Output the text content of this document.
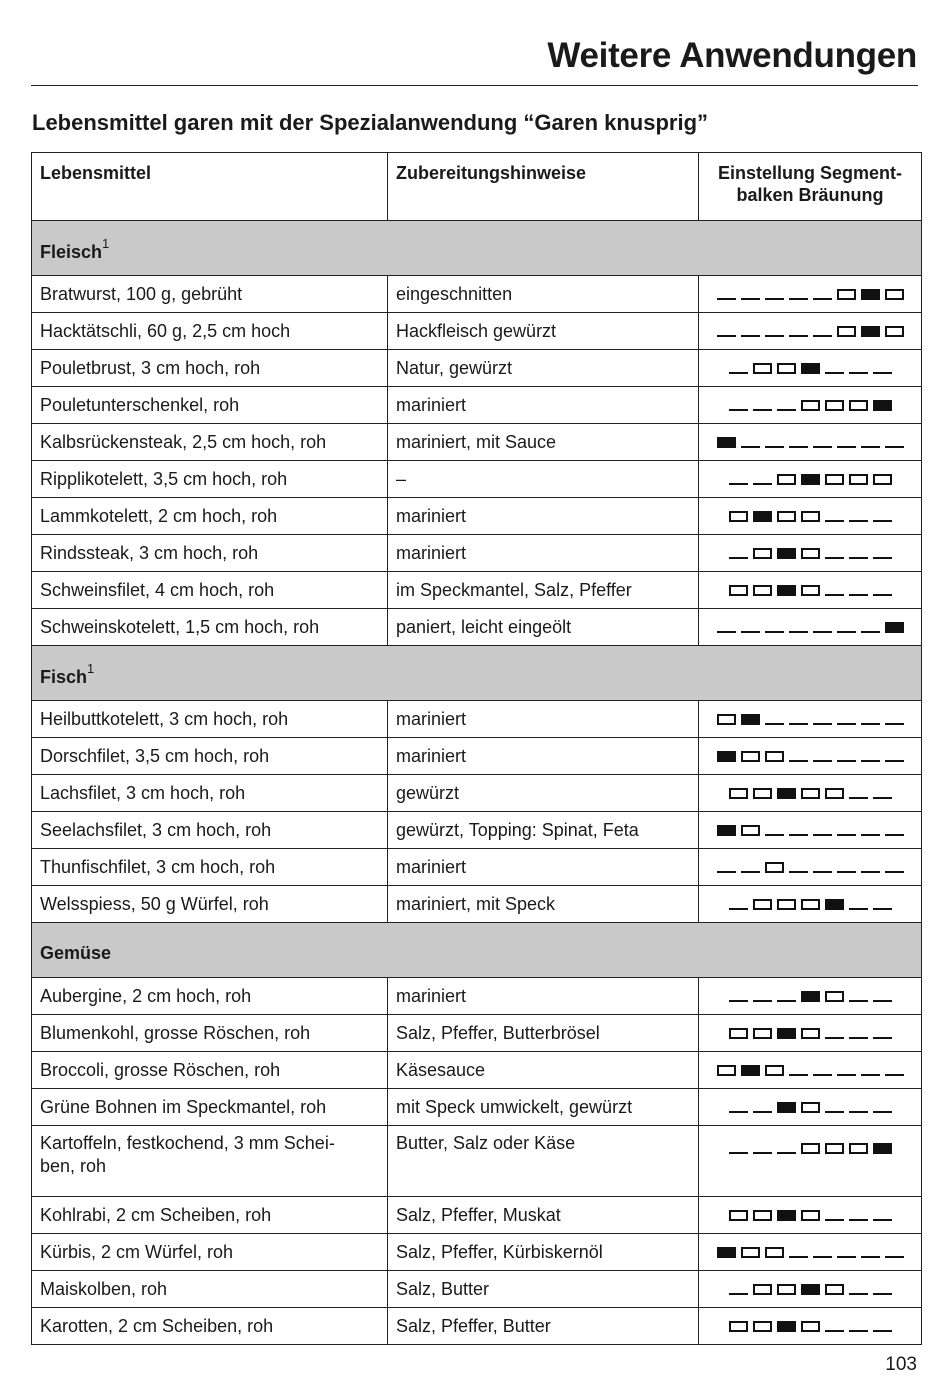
Weitere Anwendungen
Lebensmittel garen mit der Spezialanwendung “Garen knusprig”
Lebensmittel	Zubereitungshinweise	Einstellung Segment-
balken Bräunung
Fleisch$^1$
Bratwurst, 100 g, gebrüht	eingeschnitten	
Hacktätschli, 60 g, 2,5 cm hoch	Hackfleisch gewürzt	
Pouletbrust, 3 cm hoch, roh	Natur, gewürzt	
Pouletunterschenkel, roh	mariniert	
Kalbsrückensteak, 2,5 cm hoch, roh	mariniert, mit Sauce	
Ripplikotelett, 3,5 cm hoch, roh	–	
Lammkotelett, 2 cm hoch, roh	mariniert	
Rindssteak, 3 cm hoch, roh	mariniert	
Schweinsfilet, 4 cm hoch, roh	im Speckmantel, Salz, Pfeffer	
Schweinskotelett, 1,5 cm hoch, roh	paniert, leicht eingeölt	
Fisch$^1$
Heilbuttkotelett, 3 cm hoch, roh	mariniert	
Dorschfilet, 3,5 cm hoch, roh	mariniert	
Lachsfilet, 3 cm hoch, roh	gewürzt	
Seelachsfilet, 3 cm hoch, roh	gewürzt, Topping: Spinat, Feta	
Thunfischfilet, 3 cm hoch, roh	mariniert	
Welsspiess, 50 g Würfel, roh	mariniert, mit Speck	
Gemüse		
Aubergine, 2 cm hoch, roh	mariniert	
Blumenkohl, grosse Röschen, roh	Salz, Pfeffer, Butterbrösel	
Broccoli, grosse Röschen, roh	Käsesauce	
Grüne Bohnen im Speckmantel, roh	mit Speck umwickelt, gewürzt	
Kartoffeln, festkochend, 3 mm Schei-
ben, roh	Butter, Salz oder Käse	
Kohlrabi, 2 cm Scheiben, roh	Salz, Pfeffer, Muskat	
Kürbis, 2 cm Würfel, roh	Salz, Pfeffer, Kürbiskernöl	
Maiskolben, roh	Salz, Butter	
Karotten, 2 cm Scheiben, roh	Salz, Pfeffer, Butter	
103
